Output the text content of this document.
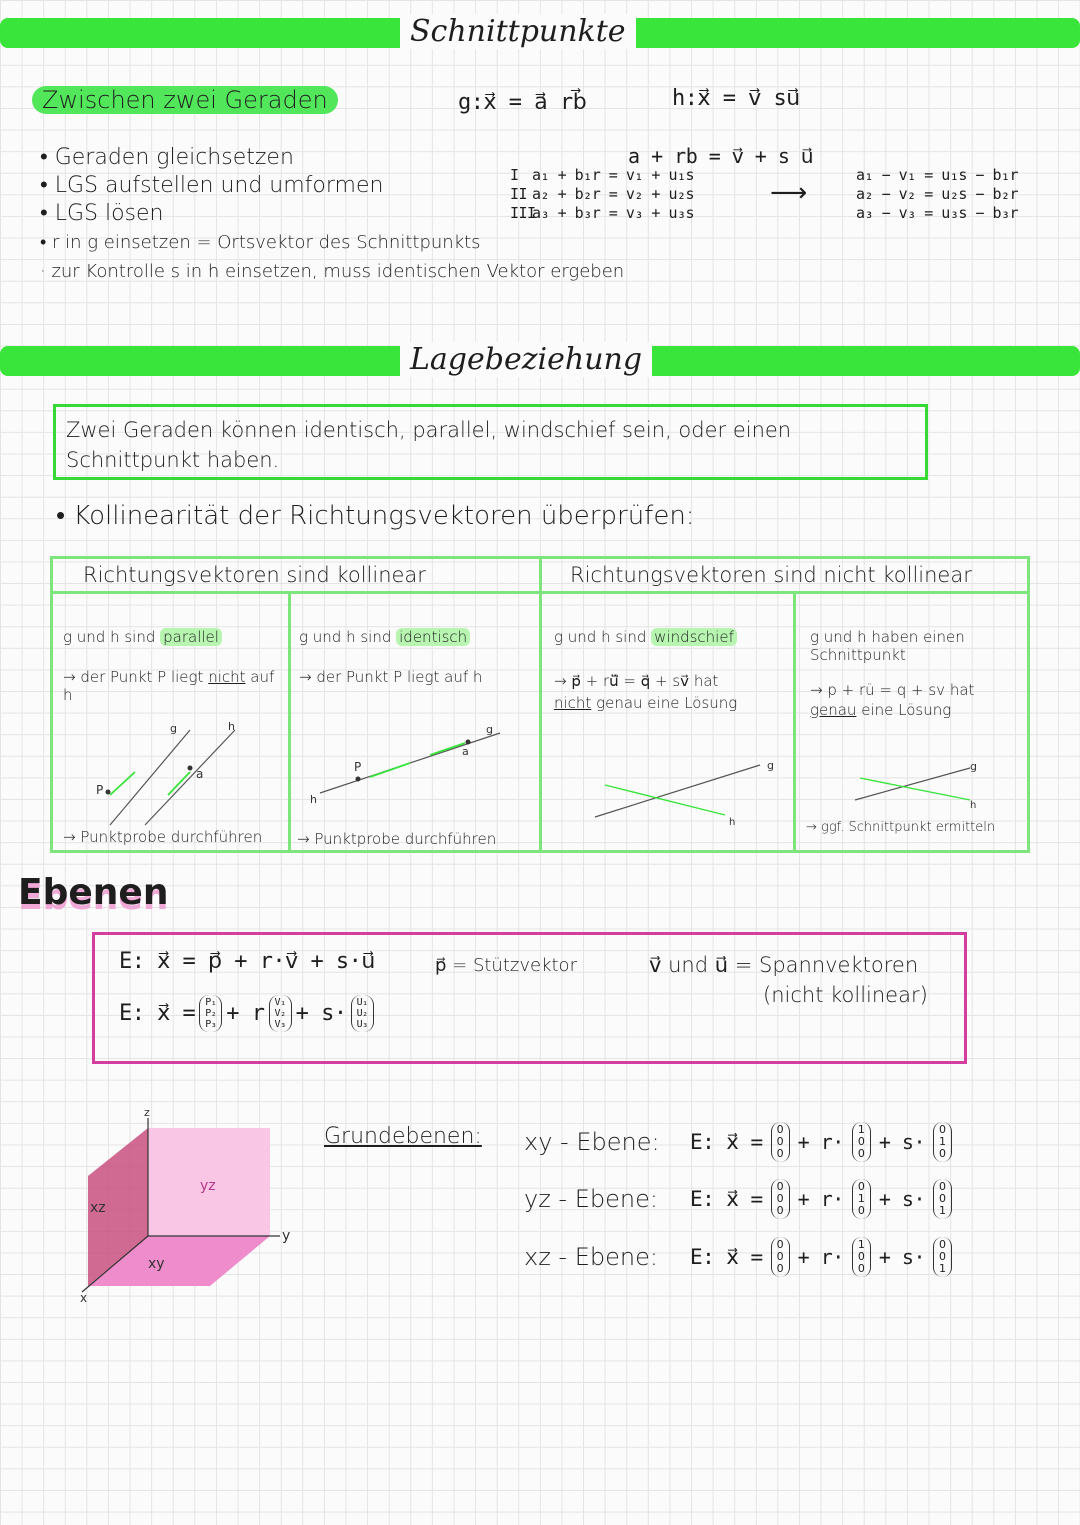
Schnittpunkte
Zwischen zwei Geraden	g:x⃗ = a⃗ rb⃗	h:x⃗ = v⃗ su⃗
• Geraden gleichsetzen
• LGS aufstellen und umformen
• LGS lösen
• r in g einsetzen = Ortsvektor des Schnittpunkts
· zur Kontrolle s in h einsetzen, muss identischen Vektor ergeben
a + rb = v⃗ + s u⃗
I a₁ + b₁r = v₁ + u₁s
II a₂ + b₂r = v₂ + u₂s
IIIa₃ + b₃r = v₃ + u₃s
⟶
a₁ − v₁ = u₁s − b₁r
a₂ − v₂ = u₂s − b₂r
a₃ − v₃ = u₃s − b₃r
Lagebeziehung
Zwei Geraden können identisch, parallel, windschief sein, oder einen Schnittpunkt haben.
• Kollinearität der Richtungsvektoren überprüfen:
Richtungsvektoren sind kollinear	Richtungsvektoren sind nicht kollinear
g und h sind parallel
→ der Punkt P liegt nicht auf h
→ Punktprobe durchführen
g	h
P
a
g und h sind identisch
→ der Punkt P liegt auf h
→ Punktprobe durchführen
g
h
P
a
g und h sind windschief
→ p⃗ + rü⃗ = q⃗ + sv⃗ hat
nicht genau eine Lösung
g
h
g und h haben einen Schnittpunkt
→ p + rü = q + sv hat genau eine Lösung
→ ggf. Schnittpunkt ermitteln
g
h
Ebenen
E: x⃗ = p⃗ + r·v⃗ + s·u⃗
E: x⃗ = P₁
P₂
P₃ + r V₁
V₂
V₃ + s· U₁
U₂
U₃
p⃗ = Stützvektor	v⃗ und u⃗ = Spannvektoren
(nicht kollinear)
z
y
x
xz
yz
xy
Grundebenen: xy - Ebene:	E: x⃗ =
0
0
0 + r·
1
0
0 + s·
0
1
0
yz - Ebene:	E: x⃗ =
0
0
0 + r·
0
1
0 + s·
0
0
1
xz - Ebene:	E: x⃗ =
0
0
0 + r·
1
0
0 + s·
0
0
1
